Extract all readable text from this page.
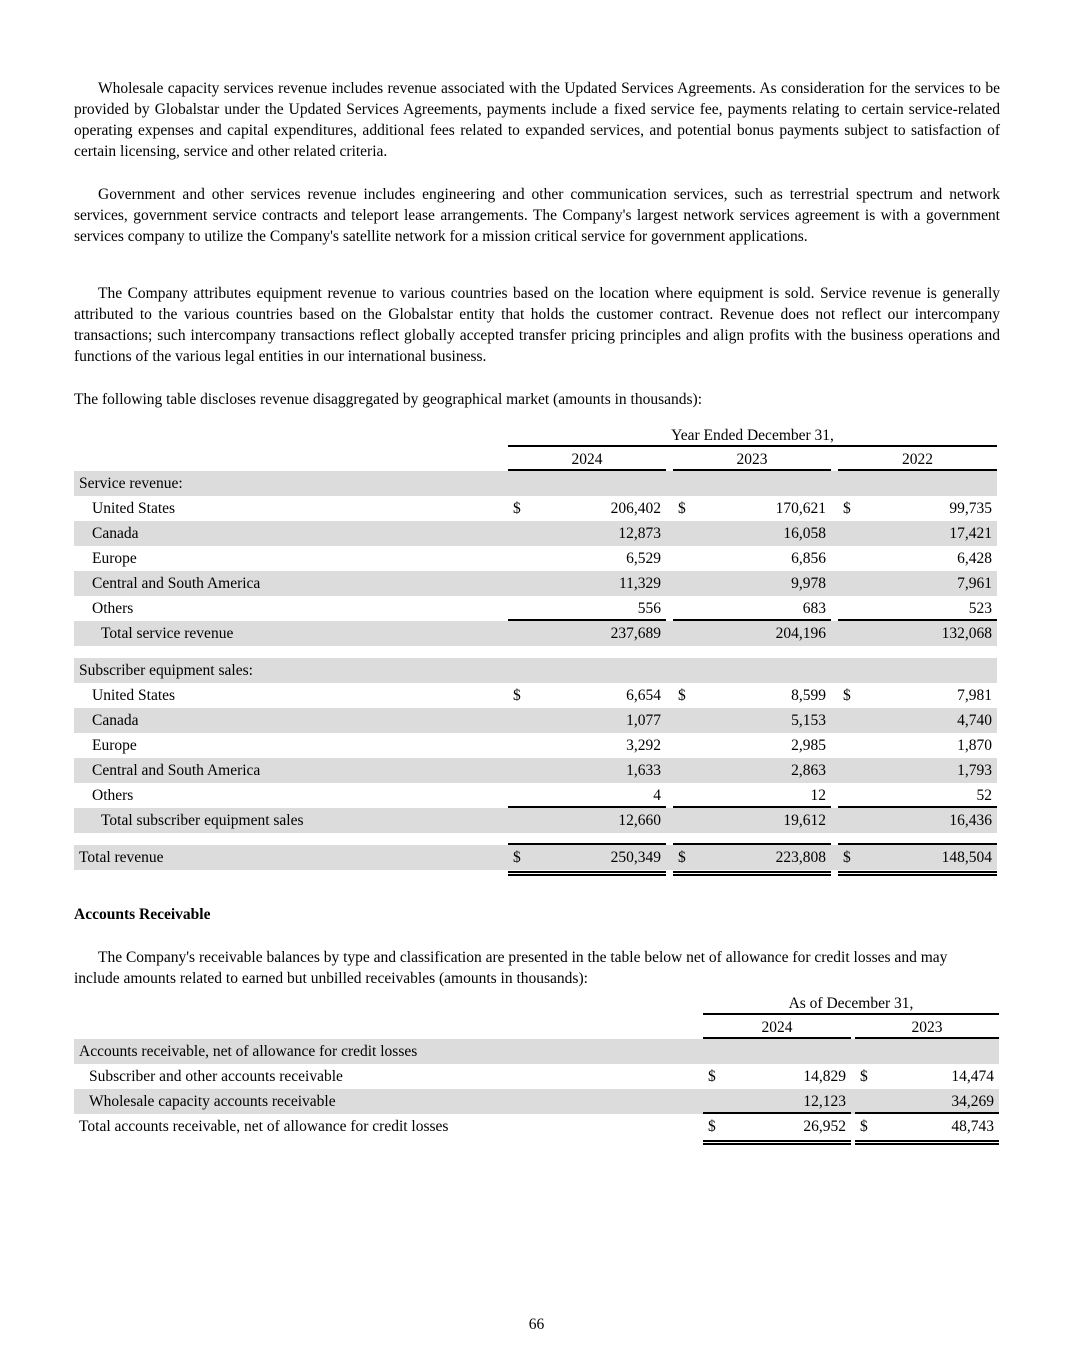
Wholesale capacity services revenue includes revenue associated with the Updated Services Agreements. As consideration for the services to be provided by Globalstar under the Updated Services Agreements, payments include a fixed service fee, payments relating to certain service-related operating expenses and capital expenditures, additional fees related to expanded services, and potential bonus payments subject to satisfaction of certain licensing, service and other related criteria.

Government and other services revenue includes engineering and other communication services, such as terrestrial spectrum and network services, government service contracts and teleport lease arrangements. The Company's largest network services agreement is with a government services company to utilize the Company's satellite network for a mission critical service for government applications.

The Company attributes equipment revenue to various countries based on the location where equipment is sold. Service revenue is generally attributed to the various countries based on the Globalstar entity that holds the customer contract. Revenue does not reflect our intercompany transactions; such intercompany transactions reflect globally accepted transfer pricing principles and align profits with the business operations and functions of the various legal entities in our international business.

The following table discloses revenue disaggregated by geographical market (amounts in thousands):

Year Ended December 31,
2024	2023	2022
Service revenue:
United States	$	206,402 $	170,621 $	99,735
Canada	12,873	16,058	17,421
Europe	6,529	6,856	6,428
Central and South America	11,329	9,978	7,961
Others	556	683	523
Total service revenue	237,689	204,196	132,068
Subscriber equipment sales:
United States	$	6,654 $	8,599 $	7,981
Canada	1,077	5,153	4,740
Europe	3,292	2,985	1,870
Central and South America	1,633	2,863	1,793
Others	4	12	52
Total subscriber equipment sales	12,660	19,612	16,436
Total revenue	$	250,349 $	223,808 $	148,504
Accounts Receivable

The Company's receivable balances by type and classification are presented in the table below net of allowance for credit losses and may include amounts related to earned but unbilled receivables (amounts in thousands):

As of December 31,
2024	2023
Accounts receivable, net of allowance for credit losses
Subscriber and other accounts receivable	$	14,829 $	14,474
Wholesale capacity accounts receivable	12,123	34,269
Total accounts receivable, net of allowance for credit losses	$	26,952 $	48,743
66
